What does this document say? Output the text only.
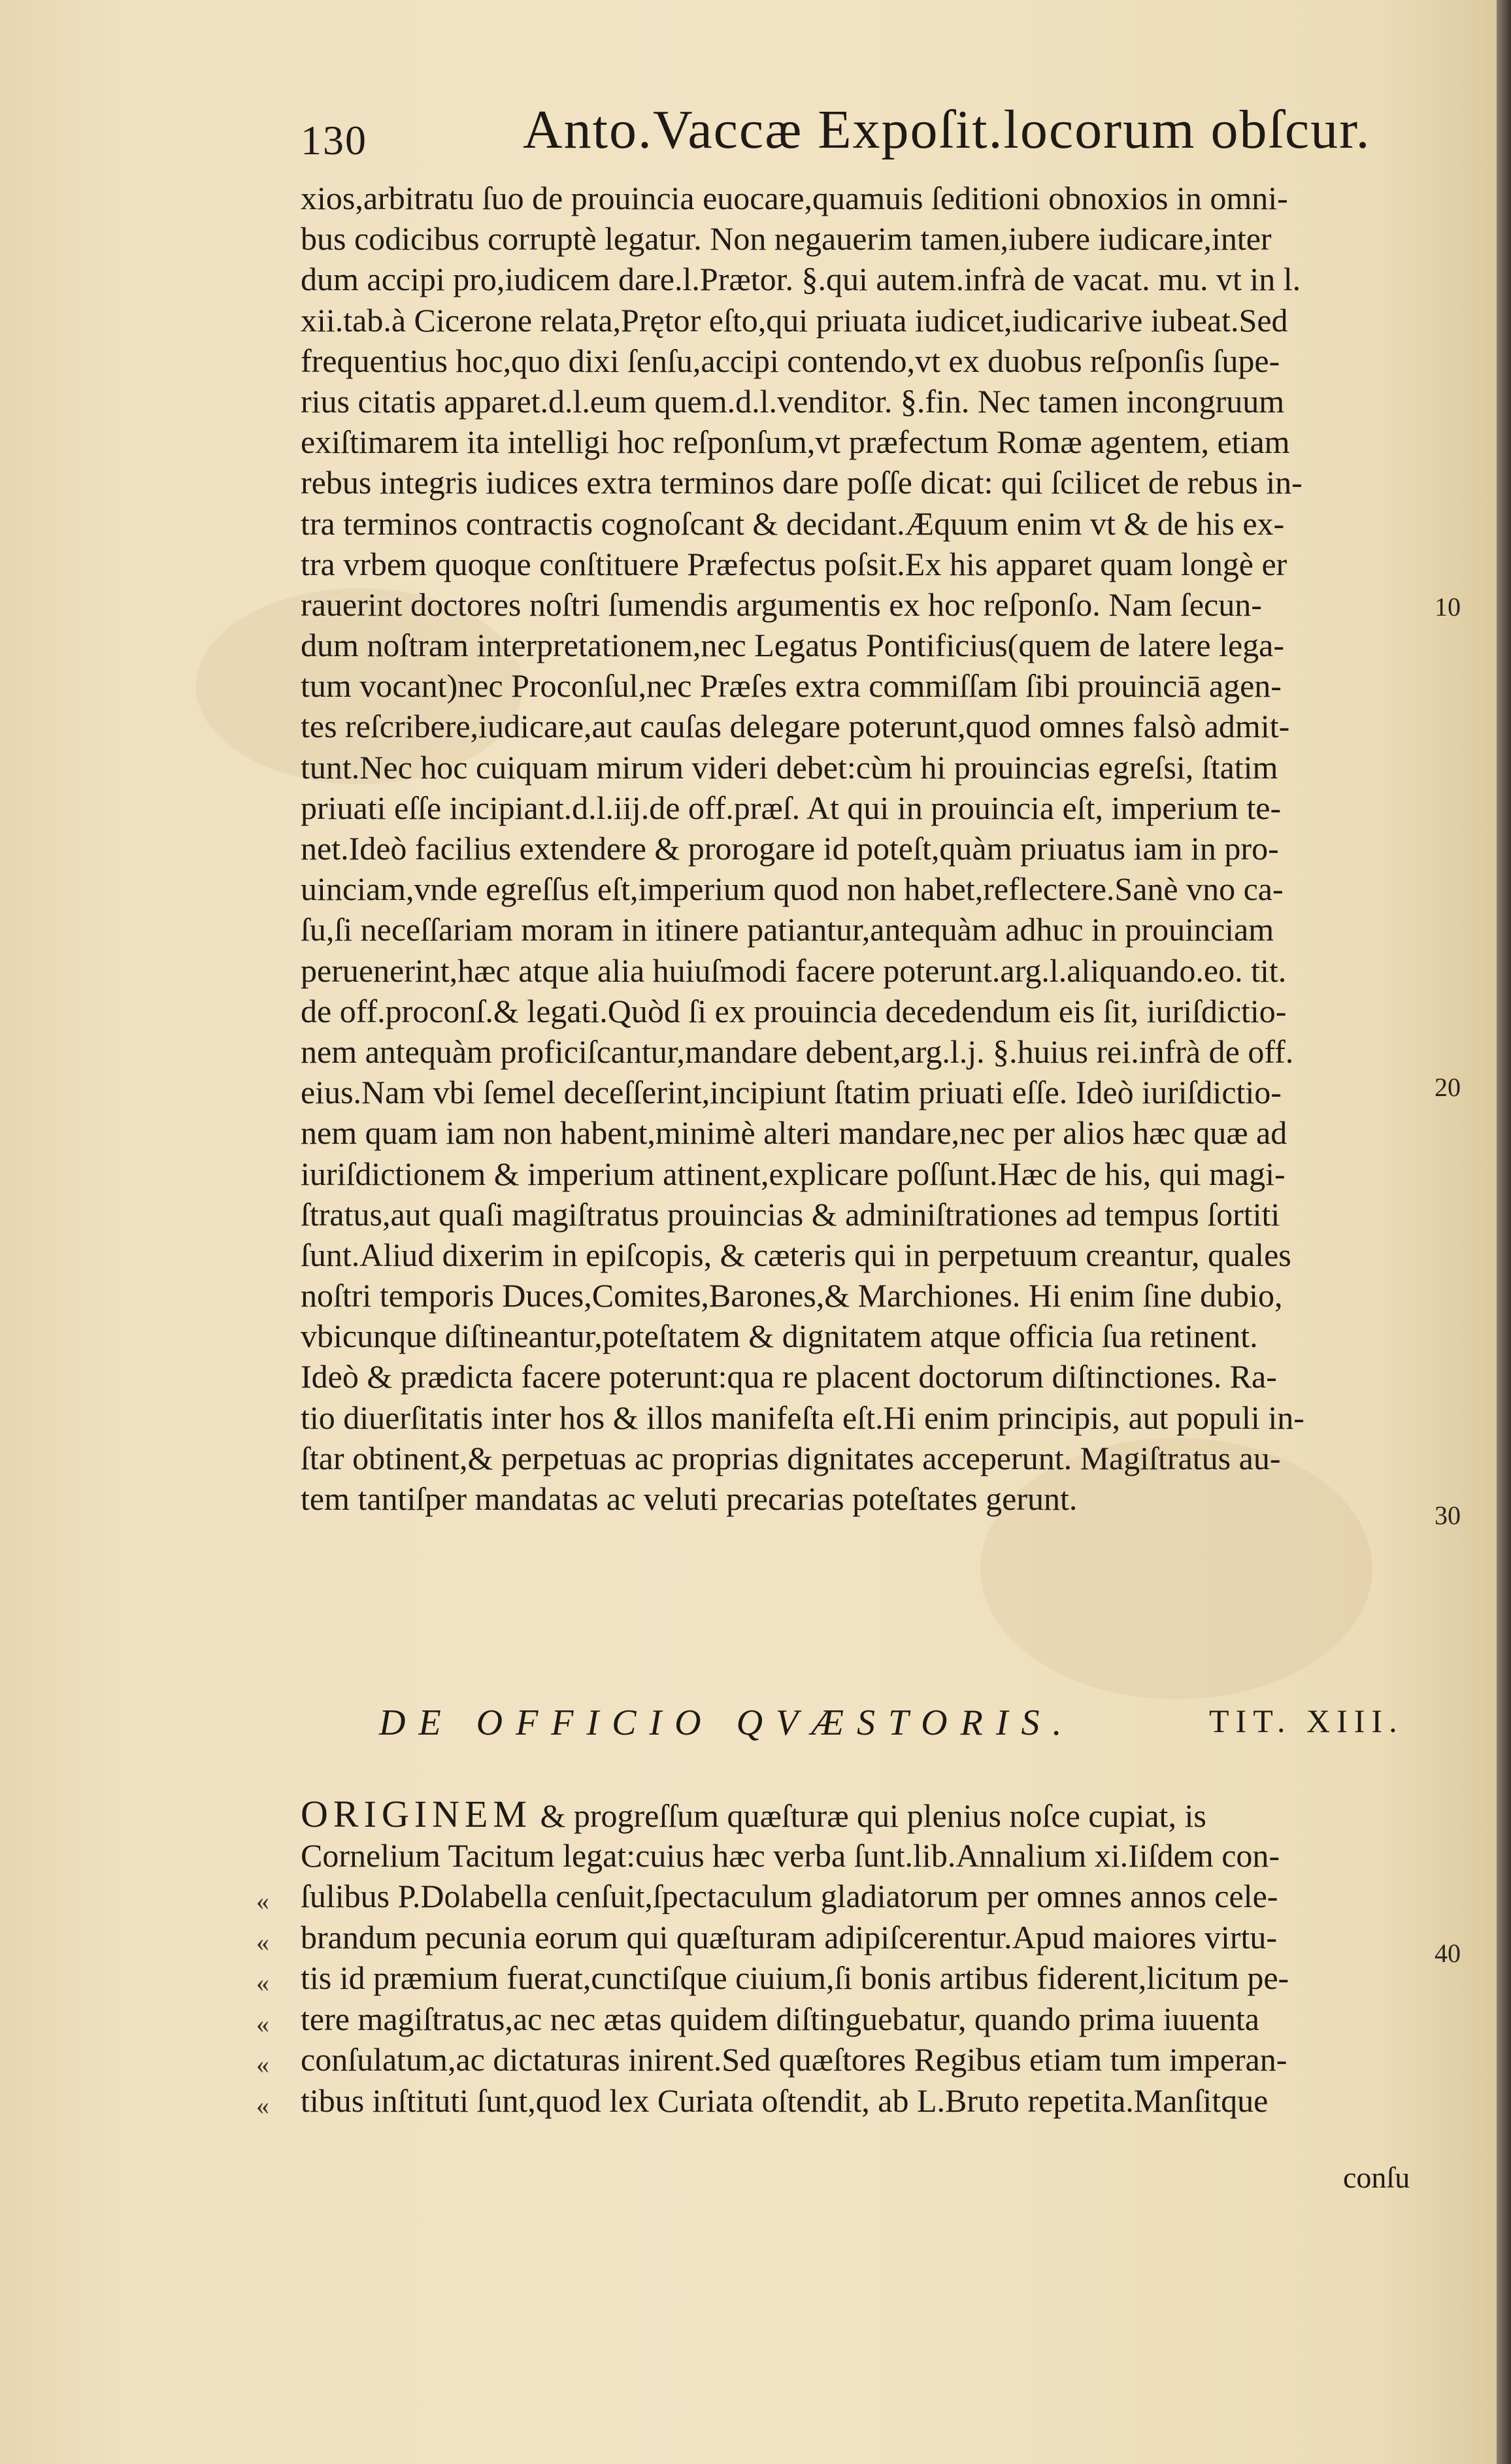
130	Anto.Vaccæ Expoſit.locorum obſcur.
xios,arbitratu ſuo de prouincia euocare,quamuis ſeditioni obnoxios in omni-
bus codicibus corruptè legatur. Non negauerim tamen,iubere iudicare,inter
dum accipi pro,iudicem dare.l.Prætor. §.qui autem.infrà de vacat. mu. vt in l.
xii.tab.à Cicerone relata,Prętor eſto,qui priuata iudicet,iudicarive iubeat.Sed
frequentius hoc,quo dixi ſenſu,accipi contendo,vt ex duobus reſponſis ſupe-
rius citatis apparet.d.l.eum quem.d.l.venditor. §.fin. Nec tamen incongruum
exiſtimarem ita intelligi hoc reſponſum,vt præfectum Romæ agentem, etiam
rebus integris iudices extra terminos dare poſſe dicat: qui ſcilicet de rebus in-
tra terminos contractis cognoſcant & decidant.Æquum enim vt & de his ex-
tra vrbem quoque conſtituere Præfectus poſsit.Ex his apparet quam longè er
rauerint doctores noſtri ſumendis argumentis ex hoc reſponſo. Nam ſecun-
dum noſtram interpretationem,nec Legatus Pontificius(quem de latere lega-
tum vocant)nec Proconſul,nec Præſes extra commiſſam ſibi prouinciā agen-
tes reſcribere,iudicare,aut cauſas delegare poterunt,quod omnes falsò admit-
tunt.Nec hoc cuiquam mirum videri debet:cùm hi prouincias egreſsi, ſtatim
priuati eſſe incipiant.d.l.iij.de off.præſ. At qui in prouincia eſt, imperium te-
net.Ideò facilius extendere & prorogare id poteſt,quàm priuatus iam in pro-
uinciam,vnde egreſſus eſt,imperium quod non habet,reflectere.Sanè vno ca-
ſu,ſi neceſſariam moram in itinere patiantur,antequàm adhuc in prouinciam
peruenerint,hæc atque alia huiuſmodi facere poterunt.arg.l.aliquando.eo. tit.
de off.proconſ.& legati.Quòd ſi ex prouincia decedendum eis ſit, iuriſdictio-
nem antequàm proficiſcantur,mandare debent,arg.l.j. §.huius rei.infrà de off.
eius.Nam vbi ſemel deceſſerint,incipiunt ſtatim priuati eſſe. Ideò iuriſdictio-
nem quam iam non habent,minimè alteri mandare,nec per alios hæc quæ ad
iuriſdictionem & imperium attinent,explicare poſſunt.Hæc de his, qui magi-
ſtratus,aut quaſi magiſtratus prouincias & adminiſtrationes ad tempus ſortiti
ſunt.Aliud dixerim in epiſcopis, & cæteris qui in perpetuum creantur, quales
noſtri temporis Duces,Comites,Barones,& Marchiones. Hi enim ſine dubio,
vbicunque diſtineantur,poteſtatem & dignitatem atque officia ſua retinent.
Ideò & prædicta facere poterunt:qua re placent doctorum diſtinctiones. Ra-
tio diuerſitatis inter hos & illos manifeſta eſt.Hi enim principis, aut populi in-
ſtar obtinent,& perpetuas ac proprias dignitates acceperunt. Magiſtratus au-
tem tantiſper mandatas ac veluti precarias poteſtates gerunt.
10
20
30
40
DE OFFICIO QVÆSTORIS.	TIT. XIII.
ORIGINEM & progreſſum quæſturæ qui plenius noſce cupiat, is
Cornelium Tacitum legat:cuius hæc verba ſunt.lib.Annalium xi.Iiſdem con-
ſulibus P.Dolabella cenſuit,ſpectaculum gladiatorum per omnes annos cele-
brandum pecunia eorum qui quæſturam adipiſcerentur.Apud maiores virtu-
tis id præmium fuerat,cunctiſque ciuium,ſi bonis artibus fiderent,licitum pe-
tere magiſtratus,ac nec ætas quidem diſtinguebatur, quando prima iuuenta
conſulatum,ac dictaturas inirent.Sed quæſtores Regibus etiam tum imperan-
tibus inſtituti ſunt,quod lex Curiata oſtendit, ab L.Bruto repetita.Manſitque
«
«
«
«
«
«
conſu
